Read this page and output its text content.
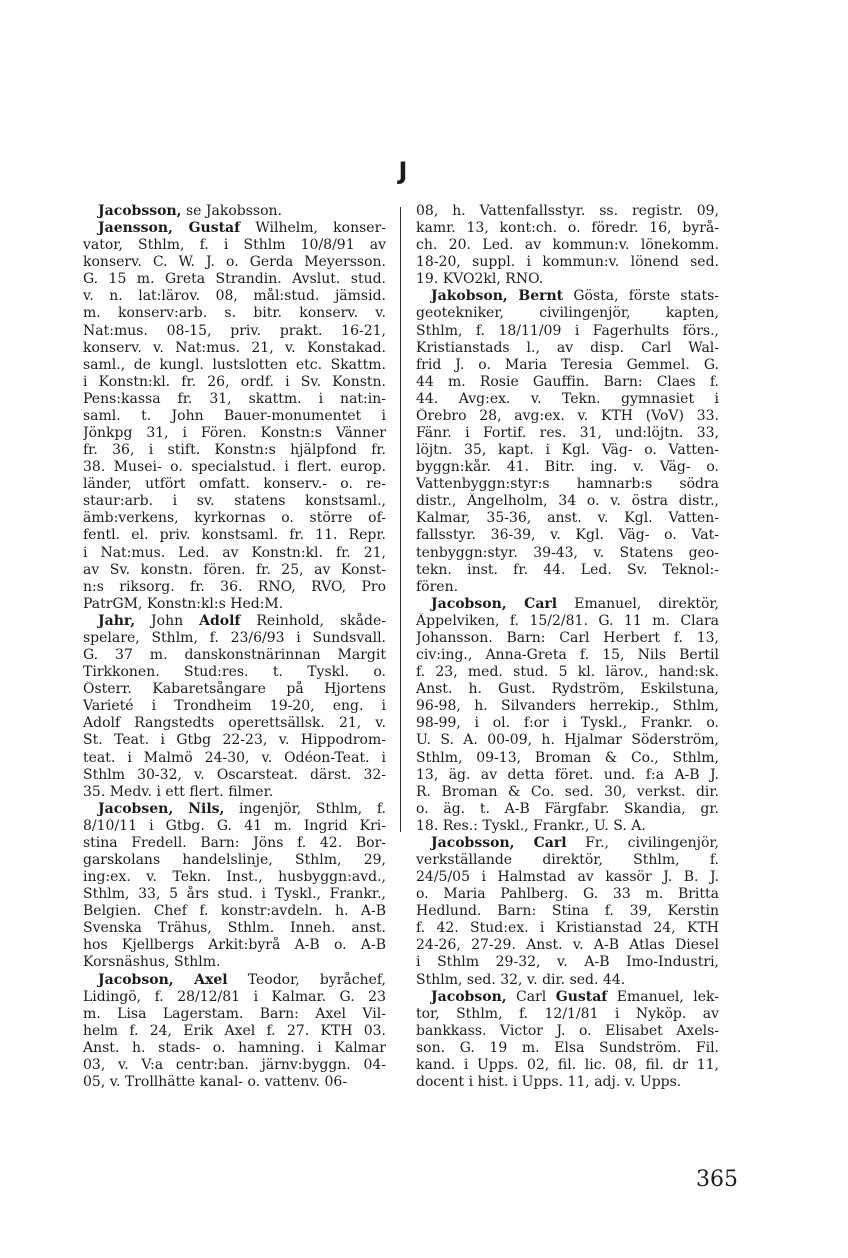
J
Jacobsson, se Jakobsson.
Jaensson, Gustaf Wilhelm, konser-
vator, Sthlm, f. i Sthlm 10/8/91 av
konserv. C. W. J. o. Gerda Meyersson.
G. 15 m. Greta Strandin. Avslut. stud.
v. n. lat:lärov. 08, mål:stud. jämsid.
m. konserv:arb. s. bitr. konserv. v.
Nat:mus. 08-15, priv. prakt. 16-21,
konserv. v. Nat:mus. 21, v. Konstakad.
saml., de kungl. lustslotten etc. Skattm.
i Konstn:kl. fr. 26, ordf. i Sv. Konstn.
Pens:kassa fr. 31, skattm. i nat:in-
saml. t. John Bauer-monumentet i
Jönkpg 31, i Fören. Konstn:s Vänner
fr. 36, i stift. Konstn:s hjälpfond fr.
38. Musei- o. specialstud. i flert. europ.
länder, utfört omfatt. konserv.- o. re-
staur:arb. i sv. statens konstsaml.,
ämb:verkens, kyrkornas o. större of-
fentl. el. priv. konstsaml. fr. 11. Repr.
i Nat:mus. Led. av Konstn:kl. fr. 21,
av Sv. konstn. fören. fr. 25, av Konst-
n:s riksorg. fr. 36. RNO, RVO, Pro
PatrGM, Konstn:kl:s Hed:M.
Jahr, John Adolf Reinhold, skåde-
spelare, Sthlm, f. 23/6/93 i Sundsvall.
G. 37 m. danskonstnärinnan Margit
Tirkkonen. Stud:res. t. Tyskl. o.
Österr. Kabaretsångare på Hjortens
Varieté i Trondheim 19-20, eng. i
Adolf Rangstedts operettsällsk. 21, v.
St. Teat. i Gtbg 22-23, v. Hippodrom-
teat. i Malmö 24-30, v. Odéon-Teat. i
Sthlm 30-32, v. Oscarsteat. därst. 32-
35. Medv. i ett flert. filmer.
Jacobsen, Nils, ingenjör, Sthlm, f.
8/10/11 i Gtbg. G. 41 m. Ingrid Kri-
stina Fredell. Barn: Jöns f. 42. Bor-
garskolans handelslinje, Sthlm, 29,
ing:ex. v. Tekn. Inst., husbyggn:avd.,
Sthlm, 33, 5 års stud. i Tyskl., Frankr.,
Belgien. Chef f. konstr:avdeln. h. A-B
Svenska Trähus, Sthlm. Inneh. anst.
hos Kjellbergs Arkit:byrå A-B o. A-B
Korsnäshus, Sthlm.
Jacobson, Axel Teodor, byråchef,
Lidingö, f. 28/12/81 i Kalmar. G. 23
m. Lisa Lagerstam. Barn: Axel Vil-
helm f. 24, Erik Axel f. 27. KTH 03.
Anst. h. stads- o. hamning. i Kalmar
03, v. V:a centr:ban. järnv:byggn. 04-
05, v. Trollhätte kanal- o. vattenv. 06-
08, h. Vattenfallsstyr. ss. registr. 09,
kamr. 13, kont:ch. o. föredr. 16, byrå-
ch. 20. Led. av kommun:v. lönekomm.
18-20, suppl. i kommun:v. lönend sed.
19. KVO2kl, RNO.
Jakobson, Bernt Gösta, förste stats-
geotekniker, civilingenjör, kapten,
Sthlm, f. 18/11/09 i Fagerhults förs.,
Kristianstads l., av disp. Carl Wal-
frid J. o. Maria Teresia Gemmel. G.
44 m. Rosie Gauffin. Barn: Claes f.
44. Avg:ex. v. Tekn. gymnasiet i
Örebro 28, avg:ex. v. KTH (VoV) 33.
Fänr. i Fortif. res. 31, und:löjtn. 33,
löjtn. 35, kapt. i Kgl. Väg- o. Vatten-
byggn:kår. 41. Bitr. ing. v. Väg- o.
Vattenbyggn:styr:s hamnarb:s södra
distr., Ängelholm, 34 o. v. östra distr.,
Kalmar, 35-36, anst. v. Kgl. Vatten-
fallsstyr. 36-39, v. Kgl. Väg- o. Vat-
tenbyggn:styr. 39-43, v. Statens geo-
tekn. inst. fr. 44. Led. Sv. Teknol:-
fören.
Jacobson, Carl Emanuel, direktör,
Äppelviken, f. 15/2/81. G. 11 m. Clara
Johansson. Barn: Carl Herbert f. 13,
civ:ing., Anna-Greta f. 15, Nils Bertil
f. 23, med. stud. 5 kl. lärov., hand:sk.
Anst. h. Gust. Rydström, Eskilstuna,
96-98, h. Silvanders herrekip., Sthlm,
98-99, i ol. f:or i Tyskl., Frankr. o.
U. S. A. 00-09, h. Hjalmar Söderström,
Sthlm, 09-13, Broman & Co., Sthlm,
13, äg. av detta föret. und. f:a A-B J.
R. Broman & Co. sed. 30, verkst. dir.
o. äg. t. A-B Färgfabr. Skandia, gr.
18. Res.: Tyskl., Frankr., U. S. A.
Jacobsson, Carl Fr., civilingenjör,
verkställande direktör, Sthlm, f.
24/5/05 i Halmstad av kassör J. B. J.
o. Maria Pahlberg. G. 33 m. Britta
Hedlund. Barn: Stina f. 39, Kerstin
f. 42. Stud:ex. i Kristianstad 24, KTH
24-26, 27-29. Anst. v. A-B Atlas Diesel
i Sthlm 29-32, v. A-B Imo-Industri,
Sthlm, sed. 32, v. dir. sed. 44.
Jacobson, Carl Gustaf Emanuel, lek-
tor, Sthlm, f. 12/1/81 i Nyköp. av
bankkass. Victor J. o. Elisabet Axels-
son. G. 19 m. Elsa Sundström. Fil.
kand. i Upps. 02, fil. lic. 08, fil. dr 11,
docent i hist. i Upps. 11, adj. v. Upps.
365
